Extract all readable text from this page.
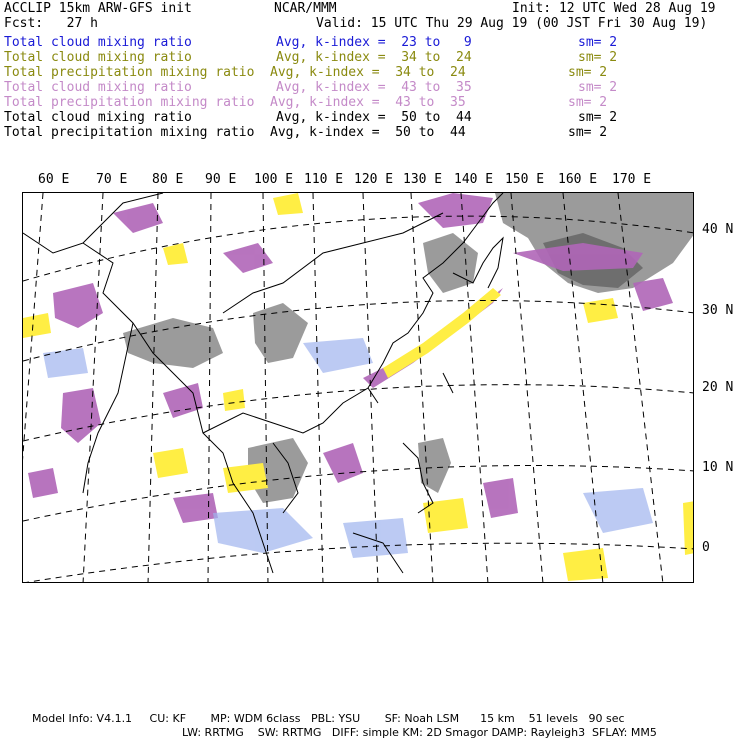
ACCLIP 15km ARW-GFS init	NCAR/MMM	Init: 12 UTC Wed 28 Aug 19
Fcst:   27 h	Valid: 15 UTC Thu 29 Aug 19 (00 JST Fri 30 Aug 19)
Total cloud mixing ratio	Avg, k-index =  23 to   9	sm= 2
Total cloud mixing ratio	Avg, k-index =  34 to  24	sm= 2
Total precipitation mixing ratio Avg, k-index =  34 to  24	sm= 2
Total cloud mixing ratio	Avg, k-index =  43 to  35	sm= 2
Total precipitation mixing ratio Avg, k-index =  43 to  35	sm= 2
Total cloud mixing ratio	Avg, k-index =  50 to  44	sm= 2
Total precipitation mixing ratio Avg, k-index =  50 to  44	sm= 2
60 E 70 E 80 E 90 E 100 E 110 E 120 E 130 E 140 E 150 E 160 E 170 E
40 N
30 N
20 N
10 N
0
Model Info: V4.1.1     CU: KF       MP: WDM 6class   PBL: YSU       SF: Noah LSM      15 km    51 levels   90 sec
LW: RRTMG    SW: RRTMG   DIFF: simple KM: 2D Smagor DAMP: Rayleigh3  SFLAY: MM5
